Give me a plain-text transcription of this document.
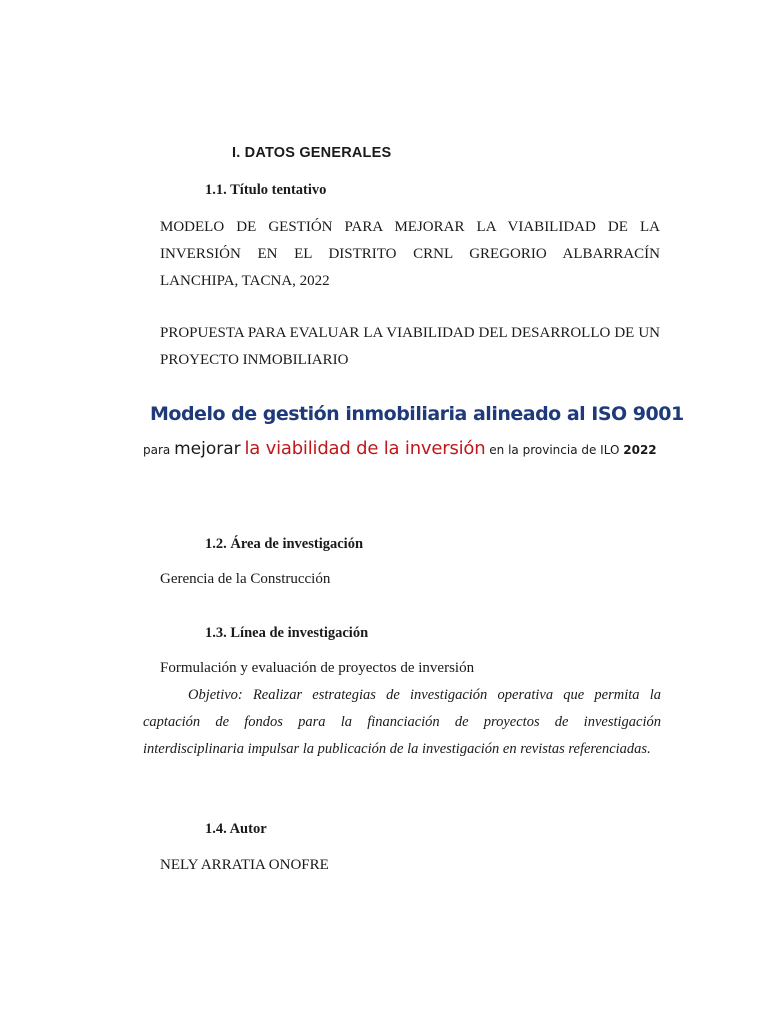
I. DATOS GENERALES
1.1. Título tentativo
MODELO DE GESTIÓN PARA MEJORAR LA VIABILIDAD DE LA INVERSIÓN EN EL DISTRITO CRNL GREGORIO ALBARRACÍN LANCHIPA, TACNA, 2022
PROPUESTA PARA EVALUAR LA VIABILIDAD DEL DESARROLLO DE UN PROYECTO INMOBILIARIO
Modelo de gestión inmobiliaria alineado al ISO 9001
para mejorar la viabilidad de la inversión en la provincia de ILO 2022
1.2. Área de investigación
Gerencia de la Construcción
1.3. Línea de investigación
Formulación y evaluación de proyectos de inversión
Objetivo: Realizar estrategias de investigación operativa que permita la captación de fondos para la financiación de proyectos de investigación interdisciplinaria impulsar la publicación de la investigación en revistas referenciadas.
1.4. Autor
NELY ARRATIA ONOFRE
